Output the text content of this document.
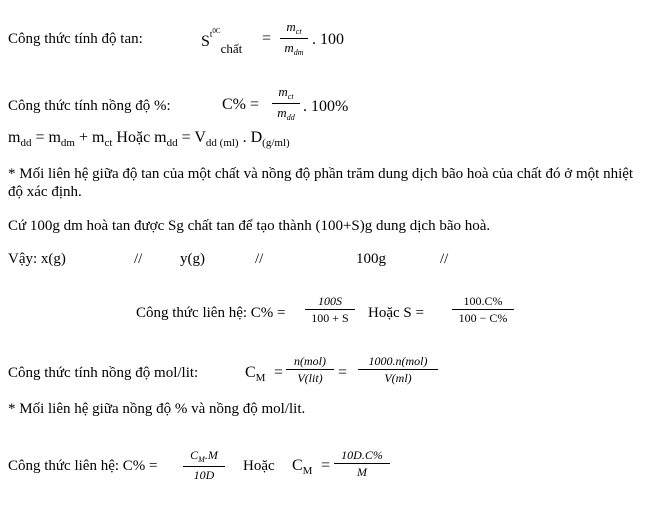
Công thức tính độ tan:	$S^{t^{0C}}_{chất}$
=
$m_{ct}$
$m_{dm}$
. 100
Công thức tính nồng độ %:	C% =
$m_{ct}$
$m_{dd}$
. 100%
$m_{dd} = m_{dm} + m_{ct}$ Hoặc $m_{dd} = V_{dd (ml)}$ . $D_{(g/ml)}$
* Mối liên hệ giữa độ tan của một chất và nồng độ phần trăm dung dịch bão hoà của chất đó ở một nhiệt độ xác định.
Cứ 100g dm hoà tan được Sg chất tan để tạo thành (100+S)g dung dịch bão hoà.
Vậy: x(g)	//	y(g)	//	100g	//
Công thức liên hệ: $C\% = \frac{100S}{100 + S}$ Hoặc $S = \frac{100.C\%}{100 - C\%}$
Công thức tính nồng độ mol/lit:	$C_M$ =
n(mol)
V(lit) =
1000.n(mol)
V(ml)
* Mối liên hệ giữa nồng độ % và nồng độ mol/lit.
Công thức liên hệ: $C\% = \frac{C_M.M}{10D}$ Hoặc $C_M = \frac{10D.C\%}{M}$
